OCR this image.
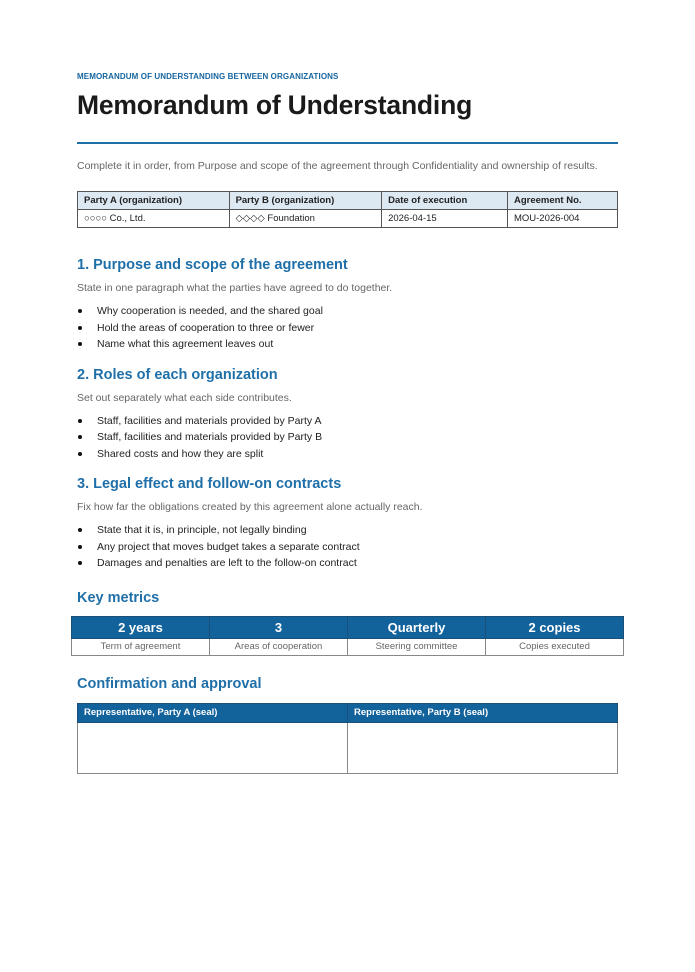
MEMORANDUM OF UNDERSTANDING BETWEEN ORGANIZATIONS
Memorandum of Understanding
Complete it in order, from Purpose and scope of the agreement through Confidentiality and ownership of results.
Party A (organization)	Party B (organization)	Date of execution	Agreement No.
○○○○ Co., Ltd.	◇◇◇◇ Foundation	2026-04-15	MOU-2026-004
1. Purpose and scope of the agreement
State in one paragraph what the parties have agreed to do together.
Why cooperation is needed, and the shared goal
Hold the areas of cooperation to three or fewer
Name what this agreement leaves out
2. Roles of each organization
Set out separately what each side contributes.
Staff, facilities and materials provided by Party A
Staff, facilities and materials provided by Party B
Shared costs and how they are split
3. Legal effect and follow-on contracts
Fix how far the obligations created by this agreement alone actually reach.
State that it is, in principle, not legally binding
Any project that moves budget takes a separate contract
Damages and penalties are left to the follow-on contract
Key metrics
2 years	3	Quarterly	2 copies
Term of agreement	Areas of cooperation	Steering committee	Copies executed
Confirmation and approval
Representative, Party A (seal)	Representative, Party B (seal)
